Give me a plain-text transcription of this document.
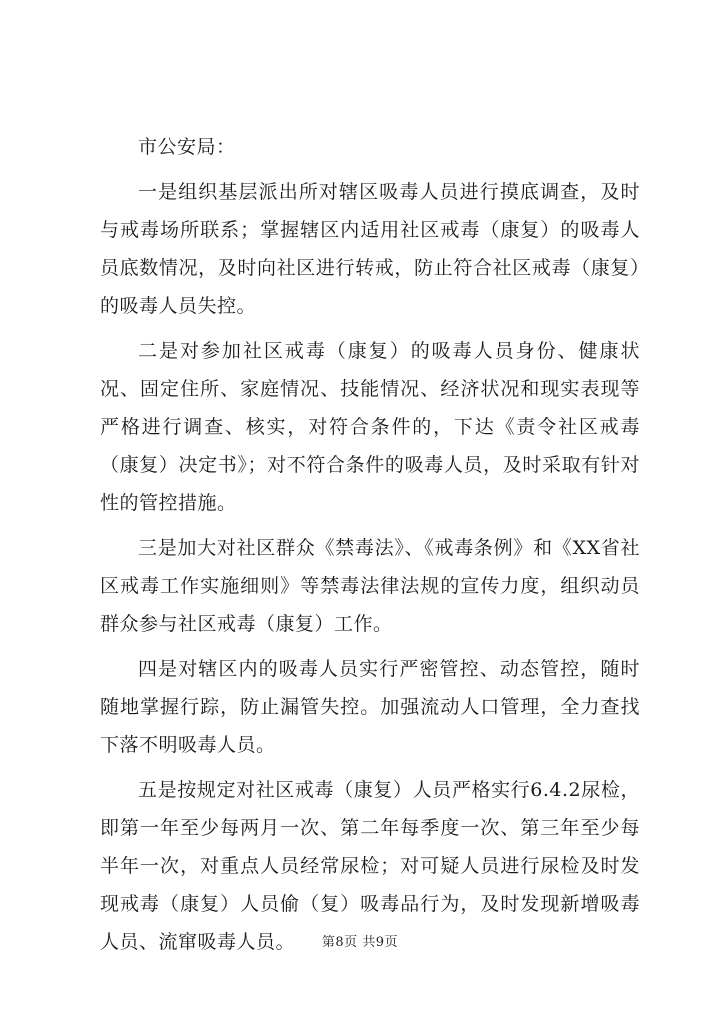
市公安局：

一是组织基层派出所对辖区吸毒人员进行摸底调查，及时与戒毒场所联系；掌握辖区内适用社区戒毒（康复）的吸毒人员底数情况，及时向社区进行转戒，防止符合社区戒毒（康复）的吸毒人员失控。

二是对参加社区戒毒（康复）的吸毒人员身份、健康状况、固定住所、家庭情况、技能情况、经济状况和现实表现等严格进行调查、核实，对符合条件的，下达《责令社区戒毒（康复）决定书》；对不符合条件的吸毒人员，及时采取有针对性的管控措施。

三是加大对社区群众《禁毒法》、《戒毒条例》和《XX省社区戒毒工作实施细则》等禁毒法律法规的宣传力度，组织动员群众参与社区戒毒（康复）工作。

四是对辖区内的吸毒人员实行严密管控、动态管控，随时随地掌握行踪，防止漏管失控。加强流动人口管理，全力查找下落不明吸毒人员。

五是按规定对社区戒毒（康复）人员严格实行6.4.2尿检，即第一年至少每两月一次、第二年每季度一次、第三年至少每半年一次，对重点人员经常尿检；对可疑人员进行尿检及时发现戒毒（康复）人员偷（复）吸毒品行为，及时发现新增吸毒人员、流窜吸毒人员。	第8页 共9页
